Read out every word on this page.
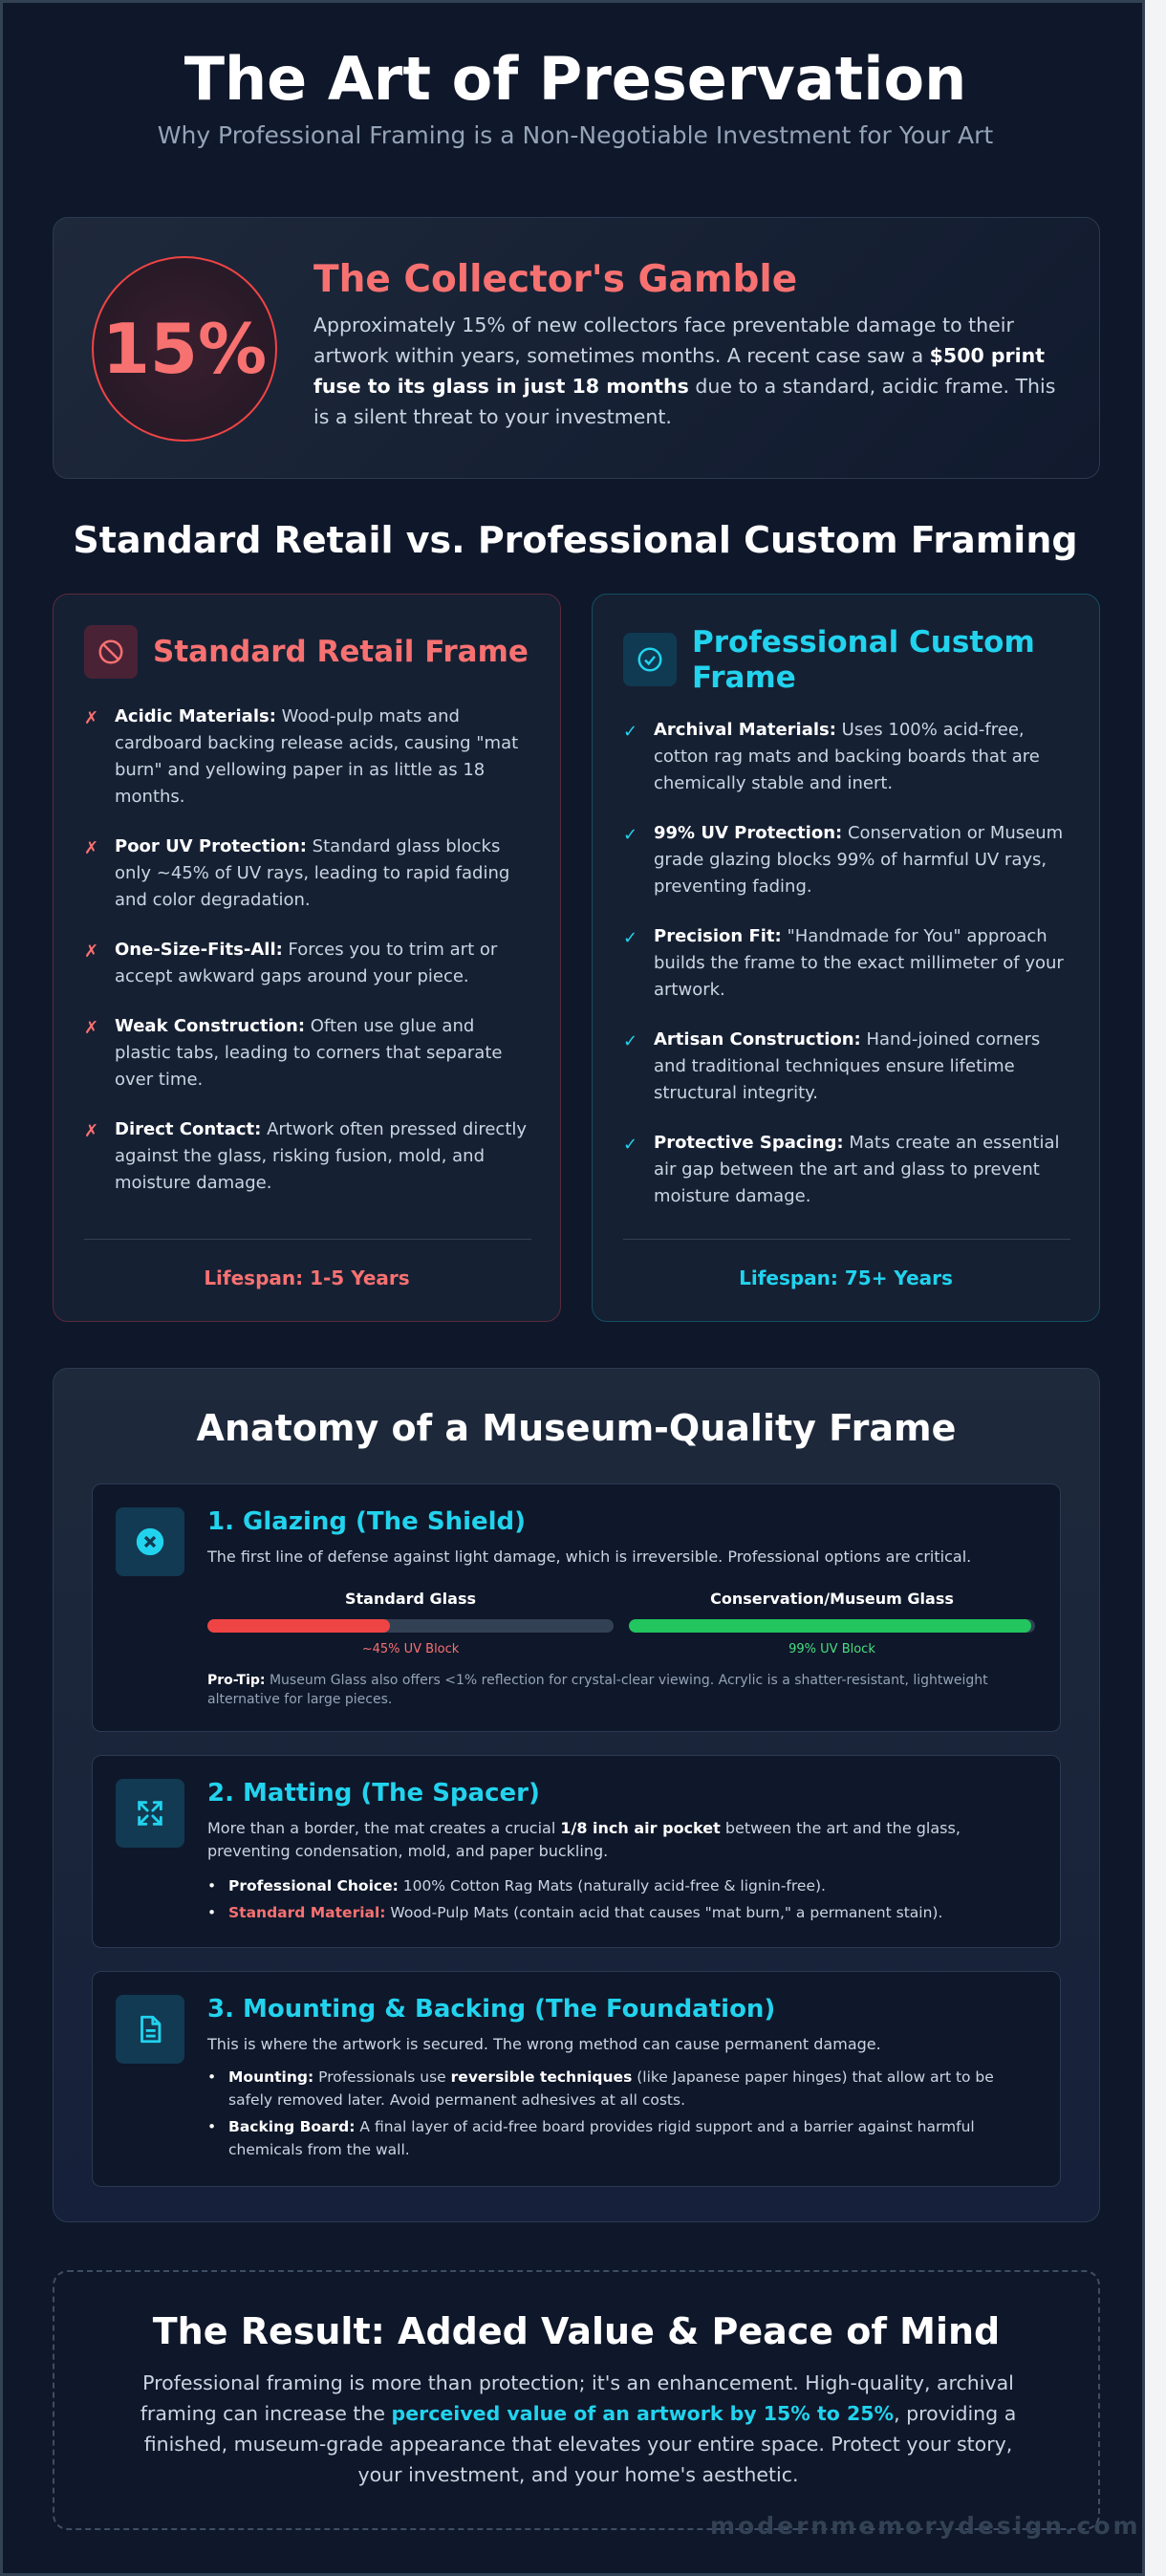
The Art of Preservation

Why Professional Framing is a Non-Negotiable Investment for Your Art

15%
The Collector's Gamble

Approximately 15% of new collectors face preventable damage to their artwork within years, sometimes months. A recent case saw a $500 print fuse to its glass in just 18 months due to a standard, acidic frame. This is a silent threat to your investment.

Standard Retail vs. Professional Custom Framing
Standard Retail Frame
✗ Acidic Materials: Wood-pulp mats and cardboard backing release acids, causing "mat burn" and yellowing paper in as little as 18 months.
✗ Poor UV Protection: Standard glass blocks only ~45% of UV rays, leading to rapid fading and color degradation.
✗ One-Size-Fits-All: Forces you to trim art or accept awkward gaps around your piece.
✗ Weak Construction: Often use glue and plastic tabs, leading to corners that separate over time.
✗ Direct Contact: Artwork often pressed directly against the glass, risking fusion, mold, and moisture damage.
Lifespan: 1-5 Years
Professional Custom Frame
✓ Archival Materials: Uses 100% acid-free, cotton rag mats and backing boards that are chemically stable and inert.
✓ 99% UV Protection: Conservation or Museum grade glazing blocks 99% of harmful UV rays, preventing fading.
✓ Precision Fit: "Handmade for You" approach builds the frame to the exact millimeter of your artwork.
✓ Artisan Construction: Hand-joined corners and traditional techniques ensure lifetime structural integrity.
✓ Protective Spacing: Mats create an essential air gap between the art and glass to prevent moisture damage.
Lifespan: 75+ Years
Anatomy of a Museum-Quality Frame
1. Glazing (The Shield)

The first line of defense against light damage, which is irreversible. Professional options are critical.

Standard Glass
~45% UV Block
Conservation/Museum Glass
99% UV Block

Pro-Tip: Museum Glass also offers <1% reflection for crystal-clear viewing. Acrylic is a shatter-resistant, lightweight alternative for large pieces.

2. Matting (The Spacer)

More than a border, the mat creates a crucial 1/8 inch air pocket between the art and the glass, preventing condensation, mold, and paper buckling.

• Professional Choice: 100% Cotton Rag Mats (naturally acid-free & lignin-free).
• Standard Material: Wood-Pulp Mats (contain acid that causes "mat burn," a permanent stain).
3. Mounting & Backing (The Foundation)

This is where the artwork is secured. The wrong method can cause permanent damage.

• Mounting: Professionals use reversible techniques (like Japanese paper hinges) that allow art to be safely removed later. Avoid permanent adhesives at all costs.
• Backing Board: A final layer of acid-free board provides rigid support and a barrier against harmful chemicals from the wall.
The Result: Added Value & Peace of Mind

Professional framing is more than protection; it's an enhancement. High-quality, archival framing can increase the perceived value of an artwork by 15% to 25%, providing a finished, museum-grade appearance that elevates your entire space. Protect your story, your investment, and your home's aesthetic.

modernmemorydesign.com
